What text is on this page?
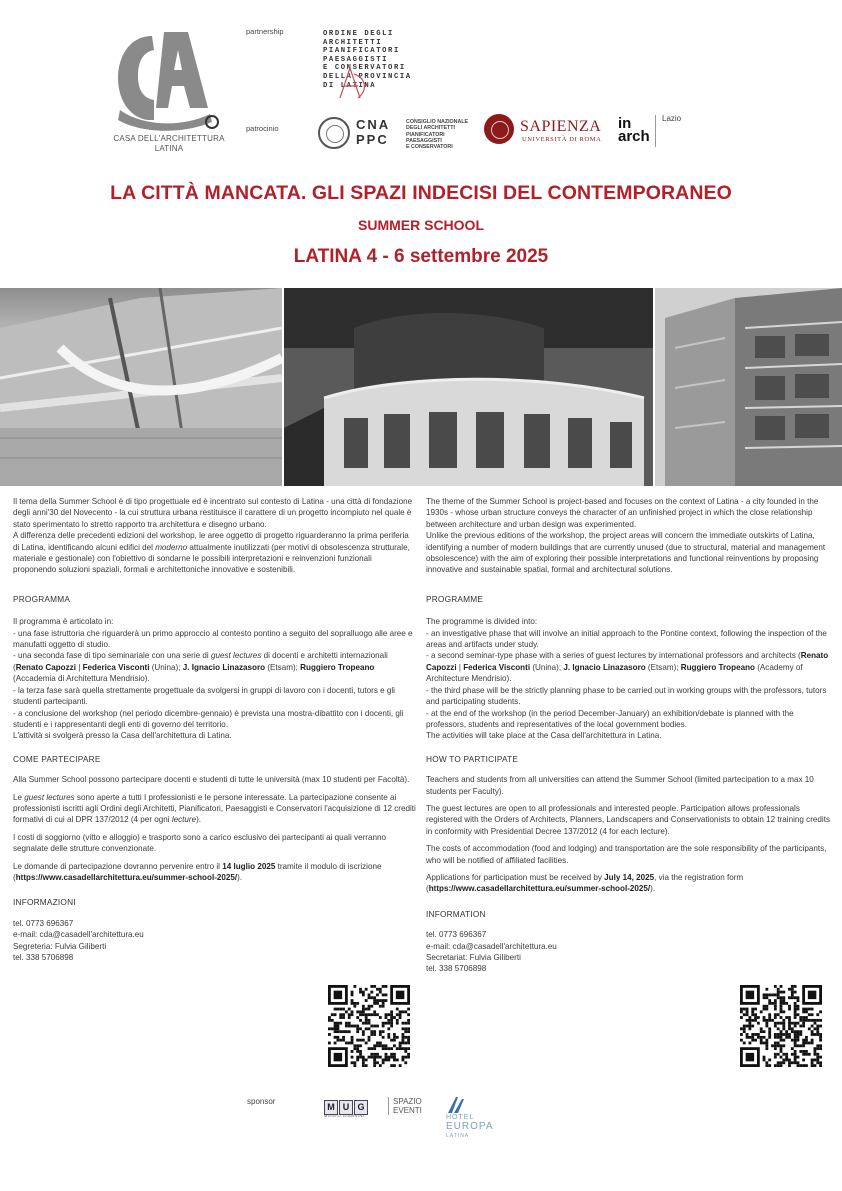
CASA DELL'ARCHITETTURA
LATINA
partnership
patrocinio
ORDINE DEGLI
ARCHITETTI
PIANIFICATORI
PAESAGGISTI
E CONSERVATORI
DELLA PROVINCIA
DI LATINA
CNA
PPC
CONSIGLIO NAZIONALE
DEGLI ARCHITETTI
PIANIFICATORI
PAESAGGISTI
E CONSERVATORI
SAPIENZA
UNIVERSITÀ DI ROMA
in
arch
Lazio
LA CITTÀ MANCATA. GLI SPAZI INDECISI DEL CONTEMPORANEO
SUMMER SCHOOL
LATINA 4 - 6 settembre 2025

Il tema della Summer School è di tipo progettuale ed è incentrato sul contesto di Latina - una città di fondazione degli anni'30 del Novecento - la cui struttura urbana restituisce il carattere di un progetto incompiuto nel quale è stato sperimentato lo stretto rapporto tra architettura e disegno urbano.

A differenza delle precedenti edizioni del workshop, le aree oggetto di progetto riguarderanno la prima periferia di Latina, identificando alcuni edifici del moderno attualmente inutilizzati (per motivi di obsolescenza strutturale, materiale e gestionale) con l'obiettivo di sondarne le possibili interpretazioni e reinvenzioni funzionali proponendo soluzioni spaziali, formali e architettoniche innovative e sostenibili.

PROGRAMMA

Il programma è articolato in:

- una fase istruttoria che riguarderà un primo approccio al contesto pontino a seguito del sopralluogo alle aree e manufatti oggetto di studio.

- una seconda fase di tipo seminariale con una serie di guest lectures di docenti e architetti internazionali (Renato Capozzi | Federica Visconti (Unina); J. Ignacio Linazasoro (Etsam); Ruggiero Tropeano (Accademia di Architettura Mendrisio).

- la terza fase sarà quella strettamente progettuale da svolgersi in gruppi di lavoro con i docenti, tutors e gli studenti partecipanti.

- a conclusione del workshop (nel periodo dicembre-gennaio) è prevista una mostra-dibattito con i docenti, gli studenti e i rappresentanti degli enti di governo del territorio.

L'attività si svolgerà presso la Casa dell'architettura di Latina.

COME PARTECIPARE

Alla Summer School possono partecipare docenti e studenti di tutte le università (max 10 studenti per Facoltà).

Le guest lectures sono aperte a tutti I professionisti e le persone interessate. La partecipazione consente ai professionisti iscritti agli Ordini degli Architetti, Pianificatori, Paesaggisti e Conservatori l'acquisizione di 12 crediti formativi di cui al DPR 137/2012 (4 per ogni lecture).

I costi di soggiorno (vitto e alloggio) e trasporto sono a carico esclusivo dei partecipanti ai quali verranno segnalate delle strutture convenzionate.

Le domande di partecipazione dovranno pervenire entro il 14 luglio 2025 tramite il modulo di iscrizione (https://www.casadellarchitettura.eu/summer-school-2025/).

INFORMAZIONI

tel. 0773 696367

e-mail: cda@casadell'architettura.eu

Segreteria: Fulvia Giliberti

tel. 338 5706898

The theme of the Summer School is project-based and focuses on the context of Latina - a city founded in the 1930s - whose urban structure conveys the character of an unfinished project in which the close relationship between architecture and urban design was experimented.

Unlike the previous editions of the workshop, the project areas will concern the immediate outskirts of Latina, identifying a number of modern buildings that are currently unused (due to structural, material and management obsolescence) with the aim of exploring their possible interpretations and functional reinventions by proposing innovative and sustainable spatial, formal and architectural solutions.

PROGRAMME

The programme is divided into:

- an investigative phase that will involve an initial approach to the Pontine context, following the inspection of the areas and artifacts under study.

- a second seminar-type phase with a series of guest lectures by international professors and architects (Renato Capozzi | Federica Visconti (Unina); J. Ignacio Linazasoro (Etsam); Ruggiero Tropeano (Academy of Architecture Mendrisio).

- the third phase will be the strictly planning phase to be carried out in working groups with the professors, tutors and participating students.

- at the end of the workshop (in the period December-January) an exhibition/debate is planned with the professors, students and representatives of the local government bodies.

The activities will take place at the Casa dell'architettura in Latina.

HOW TO PARTICIPATE

Teachers and students from all universities can attend the Summer School (limited partecipation to a max 10 students per Faculty).

The guest lectures are open to all professionals and interested people. Participation allows professionals registered with the Orders of Architects, Planners, Landscapers and Conservationists to obtain 12 training credits in conformity with Presidential Decree 137/2012 (4 for each lecture).

The costs of accommodation (food and lodging) and transportation are the sole responsibility of the participants, who will be notified of affiliated facilities.

Applications for participation must be received by July 14, 2025, via the registration form (https://www.casadellarchitettura.eu/summer-school-2025/).

INFORMATION

tel. 0773 696367

e-mail: cda@casadell'architettura.eu

Secretariat: Fulvia Giliberti

tel. 338 5706898

sponsor
M U G
MUSEO GIANNINI
SPAZIO
EVENTI
HOTEL
EUROPA
LATINA
